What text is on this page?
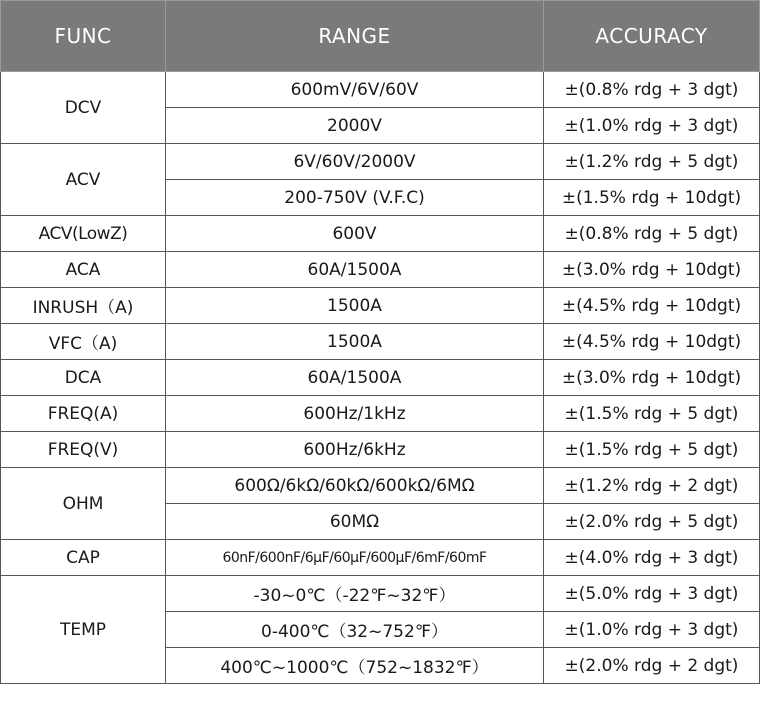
FUNC	RANGE	ACCURACY
DCV	600mV/6V/60V	±(0.8% rdg + 3 dgt)
	2000V	±(1.0% rdg + 3 dgt)
ACV	6V/60V/2000V	±(1.2% rdg + 5 dgt)
	200-750V (V.F.C)	±(1.5% rdg + 10dgt)
ACV(LowZ)	600V	±(0.8% rdg + 5 dgt)
ACA	60A/1500A	±(3.0% rdg + 10dgt)
INRUSH（A)	1500A	±(4.5% rdg + 10dgt)
VFC（A)	1500A	±(4.5% rdg + 10dgt)
DCA	60A/1500A	±(3.0% rdg + 10dgt)
FREQ(A)	600Hz/1kHz	±(1.5% rdg + 5 dgt)
FREQ(V)	600Hz/6kHz	±(1.5% rdg + 5 dgt)
OHM	600Ω/6kΩ/60kΩ/600kΩ/6MΩ	±(1.2% rdg + 2 dgt)
	60MΩ	±(2.0% rdg + 5 dgt)
CAP	60nF/600nF/6μF/60μF/600μF/6mF/60mF	±(4.0% rdg + 3 dgt)
TEMP	-30~0℃（-22℉~32℉）	±(5.0% rdg + 3 dgt)
	0-400℃（32~752℉）	±(1.0% rdg + 3 dgt)
	400℃~1000℃（752~1832℉）	±(2.0% rdg + 2 dgt)
